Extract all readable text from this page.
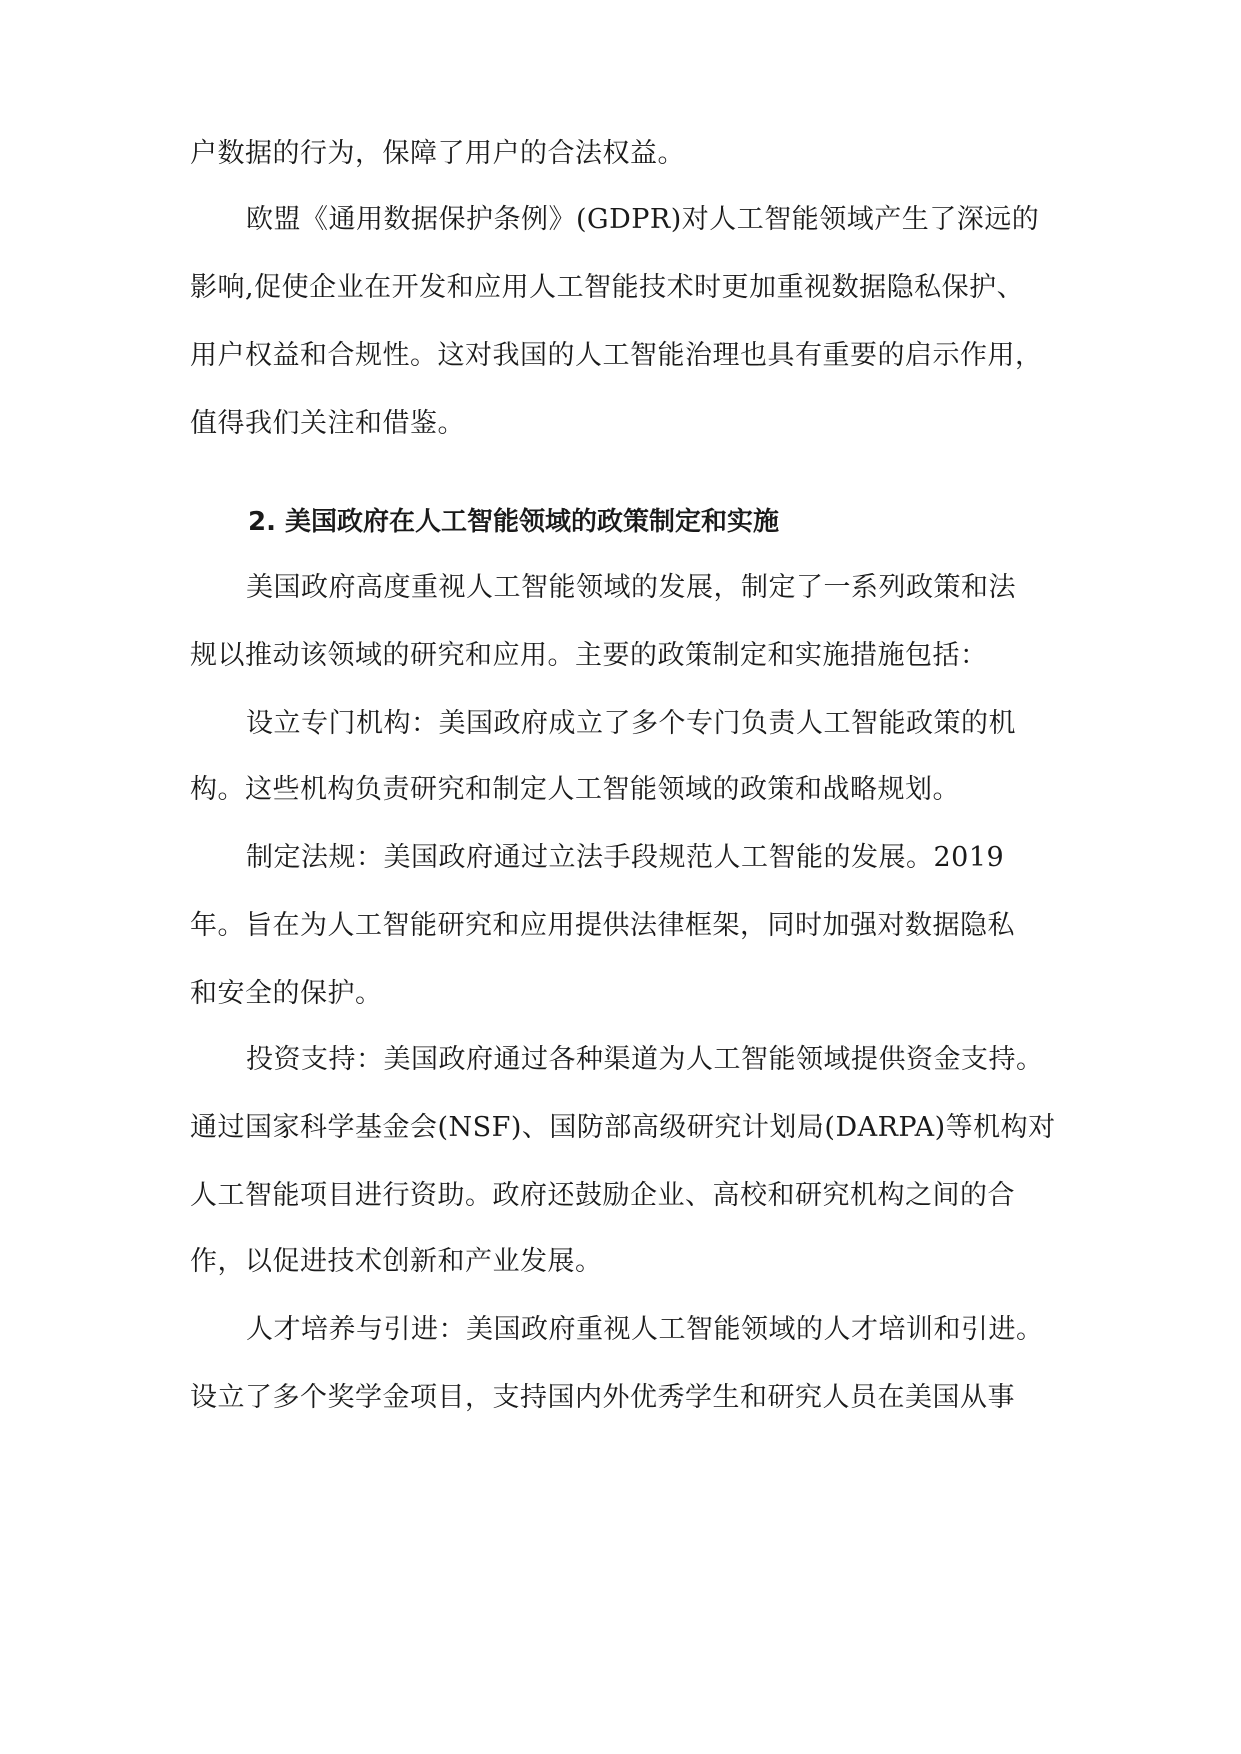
户数据的行为，保障了用户的合法权益。
欧盟《通用数据保护条例》(GDPR)对人工智能领域产生了深远的
影响,促使企业在开发和应用人工智能技术时更加重视数据隐私保护、
用户权益和合规性。这对我国的人工智能治理也具有重要的启示作用，
值得我们关注和借鉴。
2. 美国政府在人工智能领域的政策制定和实施
美国政府高度重视人工智能领域的发展，制定了一系列政策和法
规以推动该领域的研究和应用。主要的政策制定和实施措施包括：
设立专门机构：美国政府成立了多个专门负责人工智能政策的机
构。这些机构负责研究和制定人工智能领域的政策和战略规划。
制定法规：美国政府通过立法手段规范人工智能的发展。2019
年。旨在为人工智能研究和应用提供法律框架，同时加强对数据隐私
和安全的保护。
投资支持：美国政府通过各种渠道为人工智能领域提供资金支持。
通过国家科学基金会(NSF)、国防部高级研究计划局(DARPA)等机构对
人工智能项目进行资助。政府还鼓励企业、高校和研究机构之间的合
作，以促进技术创新和产业发展。
人才培养与引进：美国政府重视人工智能领域的人才培训和引进。
设立了多个奖学金项目，支持国内外优秀学生和研究人员在美国从事
